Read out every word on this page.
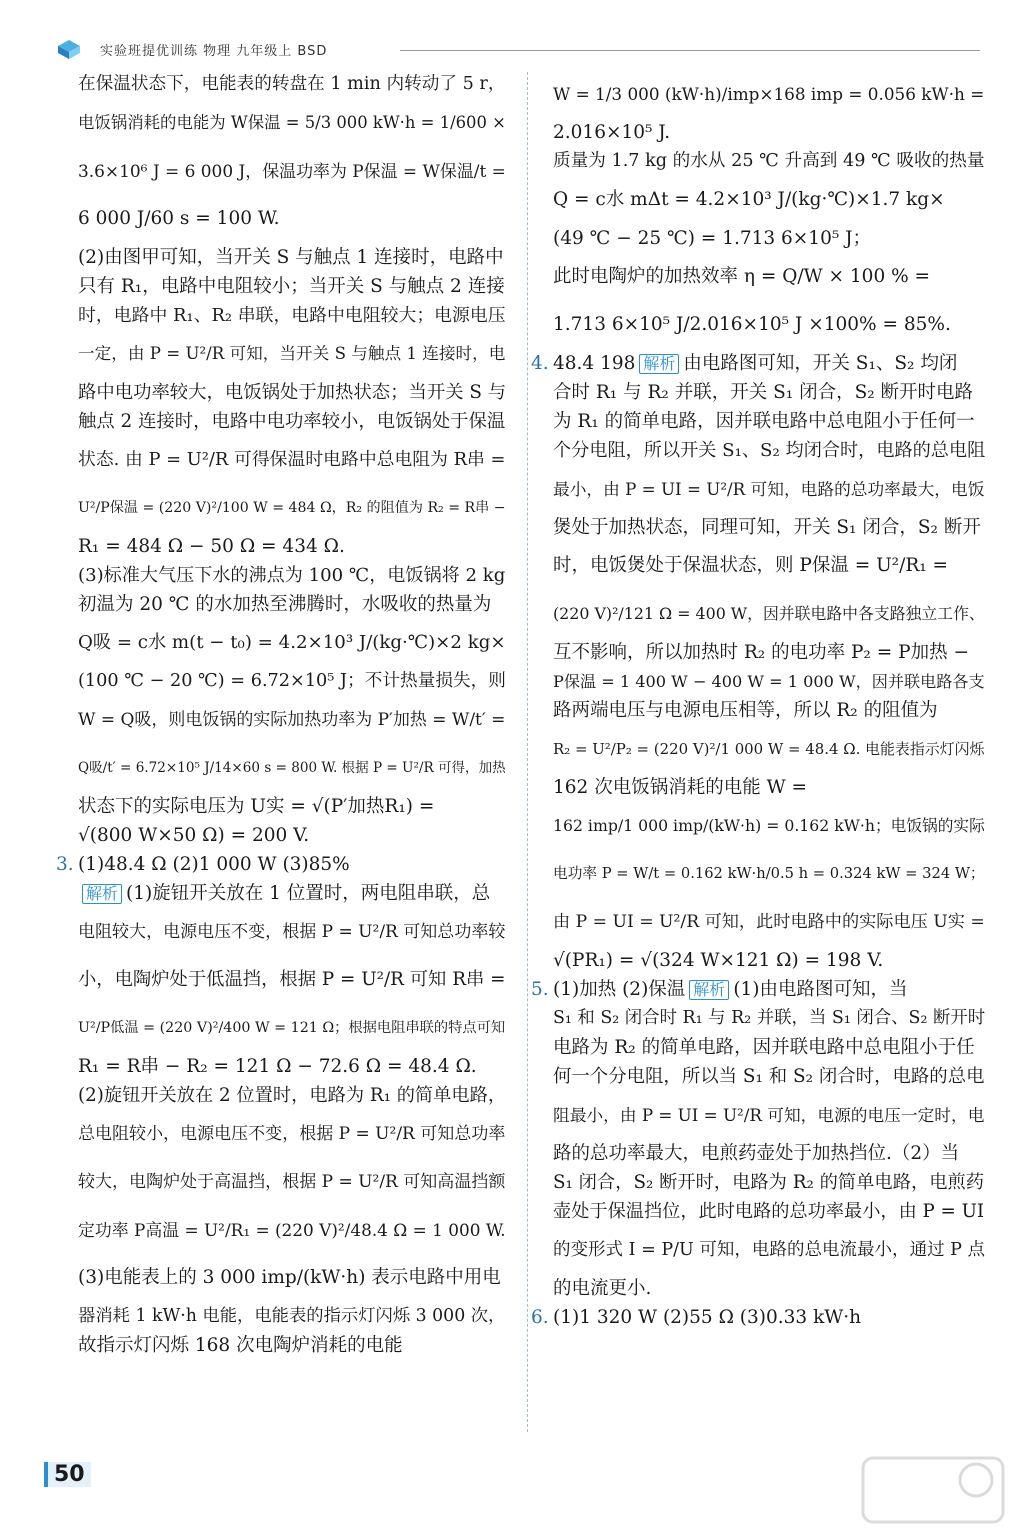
实验班提优训练 物理 九年级上 BSD
在保温状态下，电能表的转盘在 1 min 内转动了 5 r，
电饭锅消耗的电能为 W保温 = 5/3 000 kW·h = 1/600 ×
3.6×10⁶ J = 6 000 J，保温功率为 P保温 = W保温/t =
6 000 J/60 s = 100 W.
(2)由图甲可知，当开关 S 与触点 1 连接时，电路中
只有 R₁，电路中电阻较小；当开关 S 与触点 2 连接
时，电路中 R₁、R₂ 串联，电路中电阻较大；电源电压
一定，由 P = U²/R 可知，当开关 S 与触点 1 连接时，电
路中电功率较大，电饭锅处于加热状态；当开关 S 与
触点 2 连接时，电路中电功率较小，电饭锅处于保温
状态. 由 P = U²/R 可得保温时电路中总电阻为 R串 =
U²/P保温 = (220 V)²/100 W = 484 Ω，R₂ 的阻值为 R₂ = R串 −
R₁ = 484 Ω − 50 Ω = 434 Ω.
(3)标准大气压下水的沸点为 100 ℃，电饭锅将 2 kg
初温为 20 ℃ 的水加热至沸腾时，水吸收的热量为
Q吸 = c水 m(t − t₀) = 4.2×10³ J/(kg·℃)×2 kg×
(100 ℃ − 20 ℃) = 6.72×10⁵ J；不计热量损失，则
W = Q吸，则电饭锅的实际加热功率为 P′加热 = W/t′ =
Q吸/t′ = 6.72×10⁵ J/14×60 s = 800 W. 根据 P = U²/R 可得，加热
状态下的实际电压为 U实 = √(P′加热R₁) =
√(800 W×50 Ω) = 200 V.
3. (1)48.4 Ω (2)1 000 W (3)85%
解析 (1)旋钮开关放在 1 位置时，两电阻串联，总
电阻较大，电源电压不变，根据 P = U²/R 可知总功率较
小，电陶炉处于低温挡，根据 P = U²/R 可知 R串 =
U²/P低温 = (220 V)²/400 W = 121 Ω；根据电阻串联的特点可知
R₁ = R串 − R₂ = 121 Ω − 72.6 Ω = 48.4 Ω.
(2)旋钮开关放在 2 位置时，电路为 R₁ 的简单电路，
总电阻较小，电源电压不变，根据 P = U²/R 可知总功率
较大，电陶炉处于高温挡，根据 P = U²/R 可知高温挡额
定功率 P高温 = U²/R₁ = (220 V)²/48.4 Ω = 1 000 W.
(3)电能表上的 3 000 imp/(kW·h) 表示电路中用电
器消耗 1 kW·h 电能，电能表的指示灯闪烁 3 000 次，
故指示灯闪烁 168 次电陶炉消耗的电能
W = 1/3 000 (kW·h)/imp×168 imp = 0.056 kW·h =
2.016×10⁵ J.
质量为 1.7 kg 的水从 25 ℃ 升高到 49 ℃ 吸收的热量
Q = c水 mΔt = 4.2×10³ J/(kg·℃)×1.7 kg×
(49 ℃ − 25 ℃) = 1.713 6×10⁵ J；
此时电陶炉的加热效率 η = Q/W × 100 % =
1.713 6×10⁵ J/2.016×10⁵ J ×100% = 85%.
4. 48.4 198 解析 由电路图可知，开关 S₁、S₂ 均闭
合时 R₁ 与 R₂ 并联，开关 S₁ 闭合，S₂ 断开时电路
为 R₁ 的简单电路，因并联电路中总电阻小于任何一
个分电阻，所以开关 S₁、S₂ 均闭合时，电路的总电阻
最小，由 P = UI = U²/R 可知，电路的总功率最大，电饭
煲处于加热状态，同理可知，开关 S₁ 闭合，S₂ 断开
时，电饭煲处于保温状态，则 P保温 = U²/R₁ =
(220 V)²/121 Ω = 400 W，因并联电路中各支路独立工作、
互不影响，所以加热时 R₂ 的电功率 P₂ = P加热 −
P保温 = 1 400 W − 400 W = 1 000 W，因并联电路各支
路两端电压与电源电压相等，所以 R₂ 的阻值为
R₂ = U²/P₂ = (220 V)²/1 000 W = 48.4 Ω. 电能表指示灯闪烁
162 次电饭锅消耗的电能 W =
162 imp/1 000 imp/(kW·h) = 0.162 kW·h；电饭锅的实际
电功率 P = W/t = 0.162 kW·h/0.5 h = 0.324 kW = 324 W；
由 P = UI = U²/R 可知，此时电路中的实际电压 U实 =
√(PR₁) = √(324 W×121 Ω) = 198 V.
5. (1)加热 (2)保温 解析 (1)由电路图可知，当
S₁ 和 S₂ 闭合时 R₁ 与 R₂ 并联，当 S₁ 闭合、S₂ 断开时
电路为 R₂ 的简单电路，因并联电路中总电阻小于任
何一个分电阻，所以当 S₁ 和 S₂ 闭合时，电路的总电
阻最小，由 P = UI = U²/R 可知，电源的电压一定时，电
路的总功率最大，电煎药壶处于加热挡位.（2）当
S₁ 闭合，S₂ 断开时，电路为 R₂ 的简单电路，电煎药
壶处于保温挡位，此时电路的总功率最小，由 P = UI
的变形式 I = P/U 可知，电路的总电流最小，通过 P 点
的电流更小.
6. (1)1 320 W (2)55 Ω (3)0.33 kW·h
50
